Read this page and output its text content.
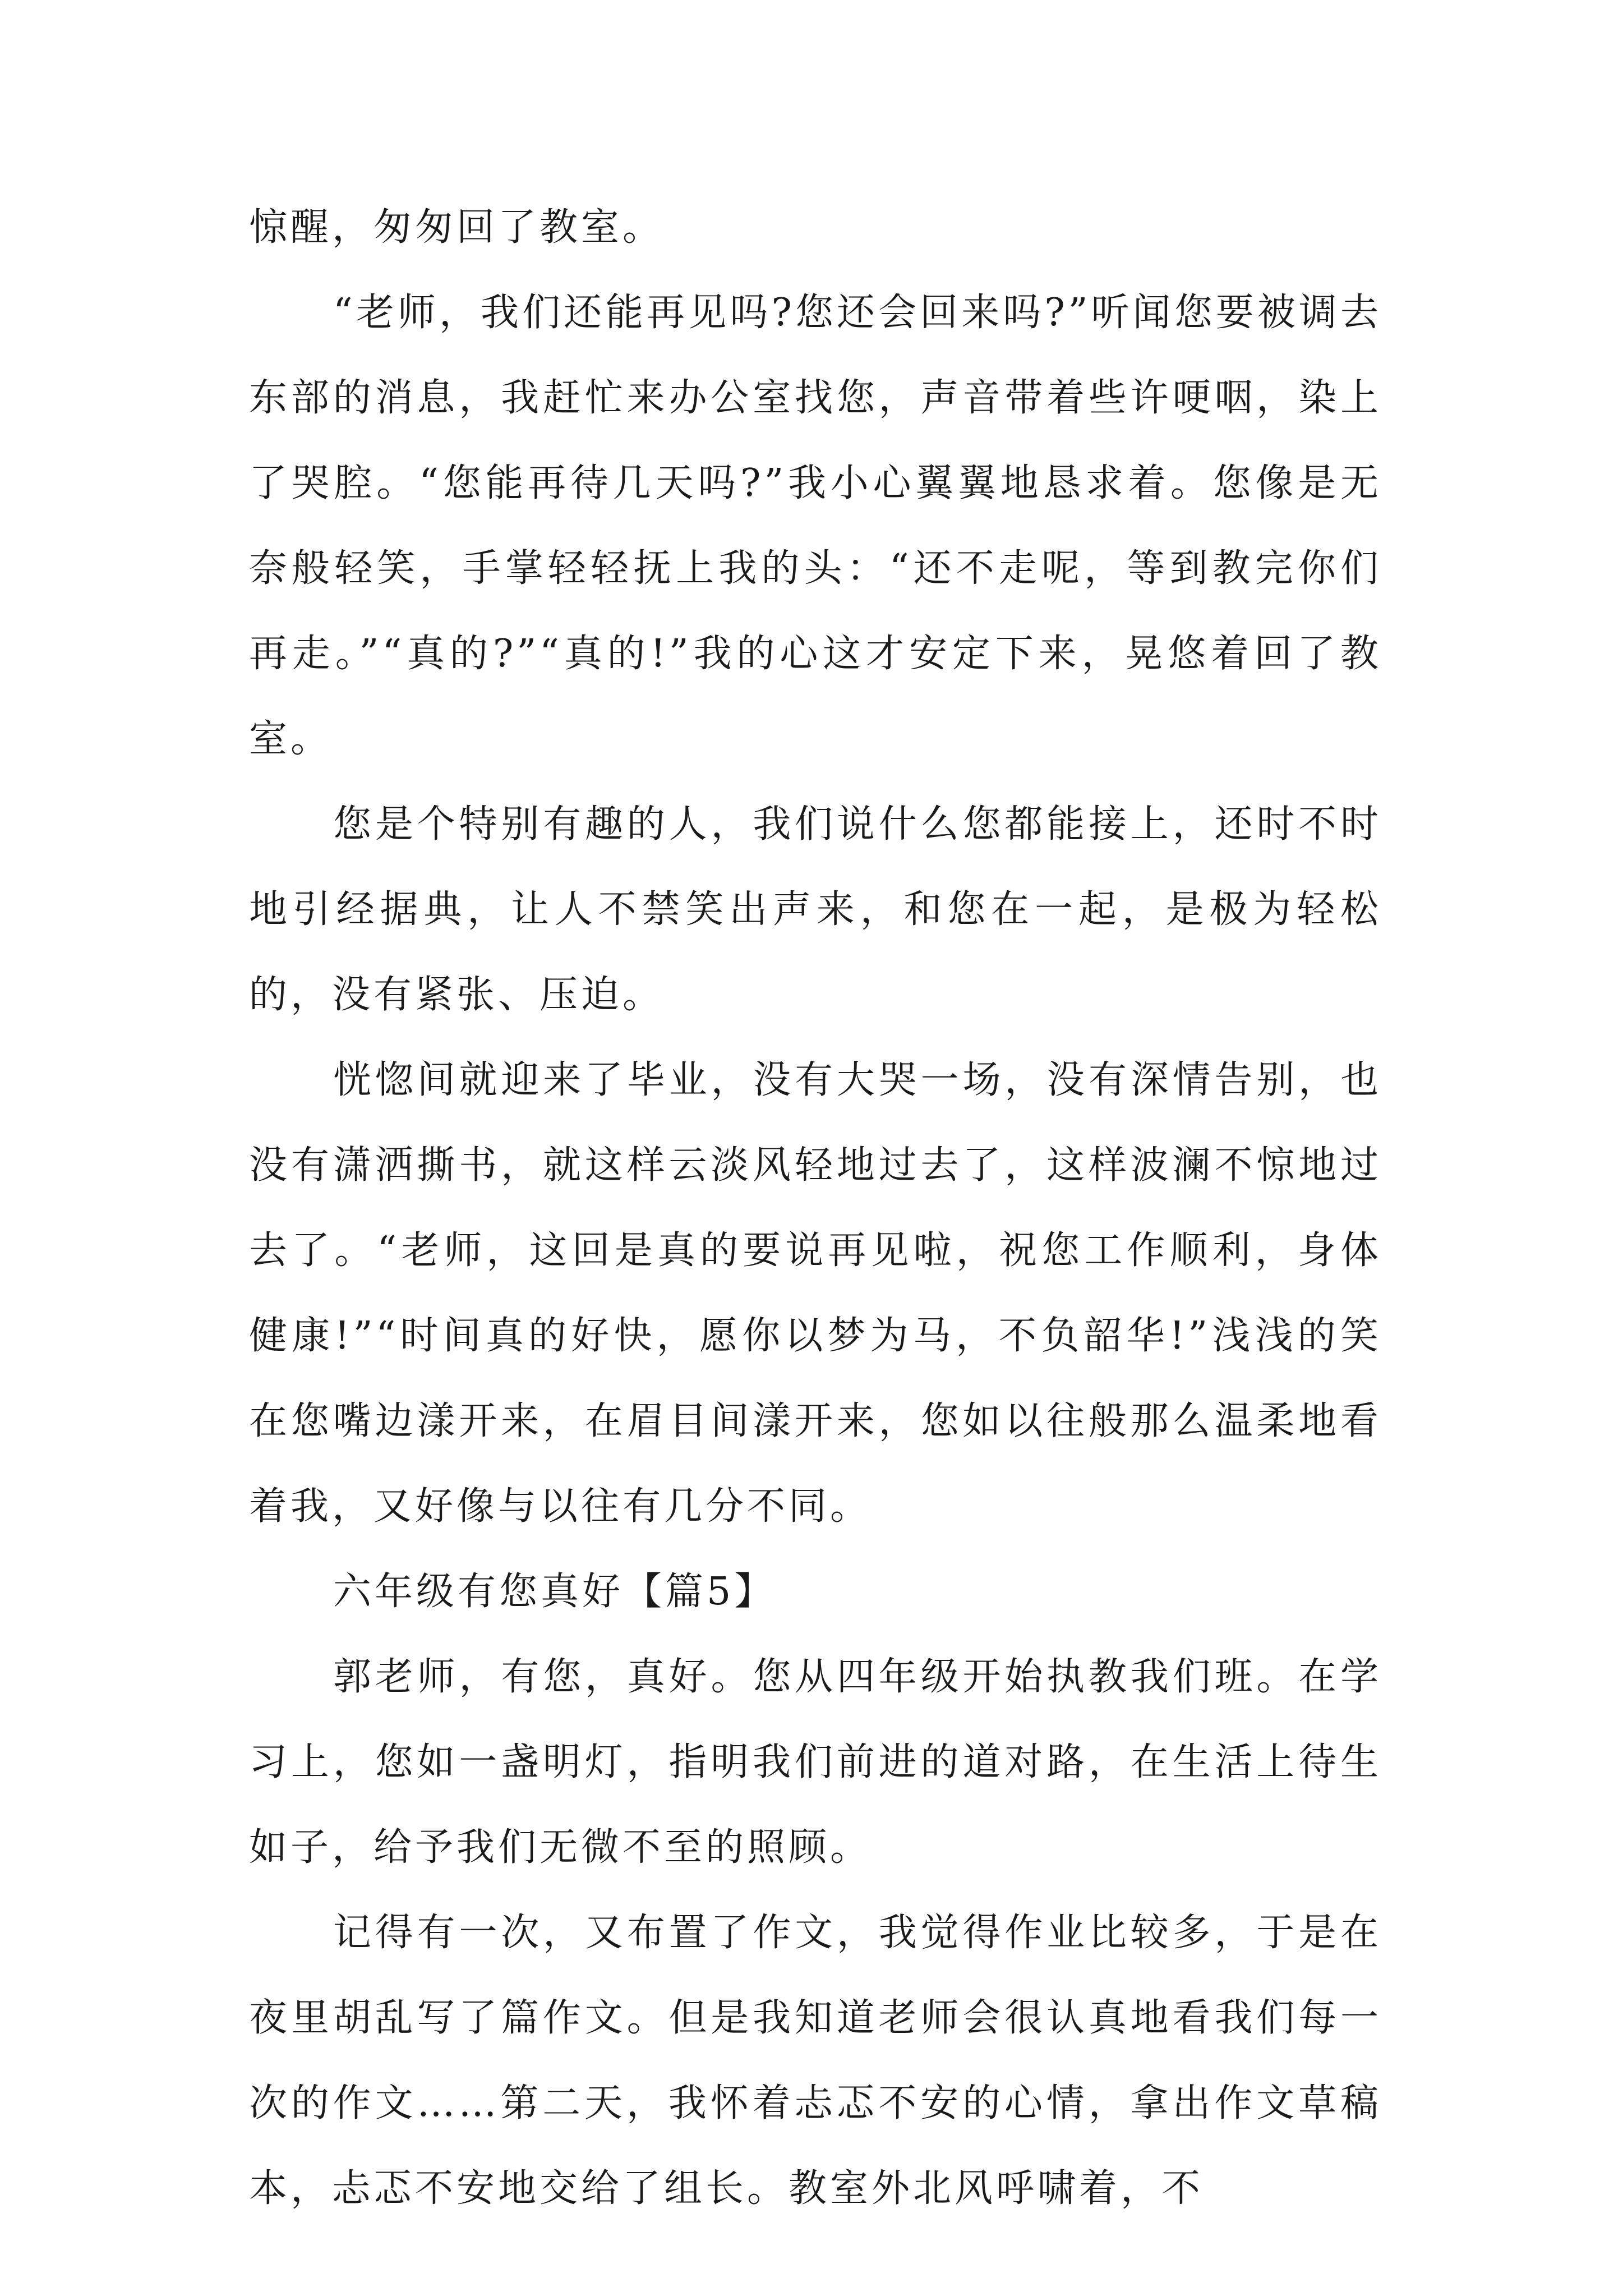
惊醒，匆匆回了教室。

“老师，我们还能再见吗?您还会回来吗?”听闻您要被调去东部的消息，我赶忙来办公室找您，声音带着些许哽咽，染上了哭腔。“您能再待几天吗?”我小心翼翼地恳求着。您像是无奈般轻笑，手掌轻轻抚上我的头：“还不走呢，等到教完你们再走。”“真的?”“真的!”我的心这才安定下来，晃悠着回了教室。

您是个特别有趣的人，我们说什么您都能接上，还时不时地引经据典，让人不禁笑出声来，和您在一起，是极为轻松的，没有紧张、压迫。

恍惚间就迎来了毕业，没有大哭一场，没有深情告别，也没有潇洒撕书，就这样云淡风轻地过去了，这样波澜不惊地过去了。“老师，这回是真的要说再见啦，祝您工作顺利，身体健康!”“时间真的好快，愿你以梦为马，不负韶华!”浅浅的笑在您嘴边漾开来，在眉目间漾开来，您如以往般那么温柔地看着我，又好像与以往有几分不同。

六年级有您真好【篇5】

郭老师，有您，真好。您从四年级开始执教我们班。在学习上，您如一盏明灯，指明我们前进的道对路，在生活上待生如子，给予我们无微不至的照顾。

记得有一次，又布置了作文，我觉得作业比较多，于是在夜里胡乱写了篇作文。但是我知道老师会很认真地看我们每一次的作文……第二天，我怀着忐忑不安的心情，拿出作文草稿本，忐忑不安地交给了组长。教室外北风呼啸着，不
